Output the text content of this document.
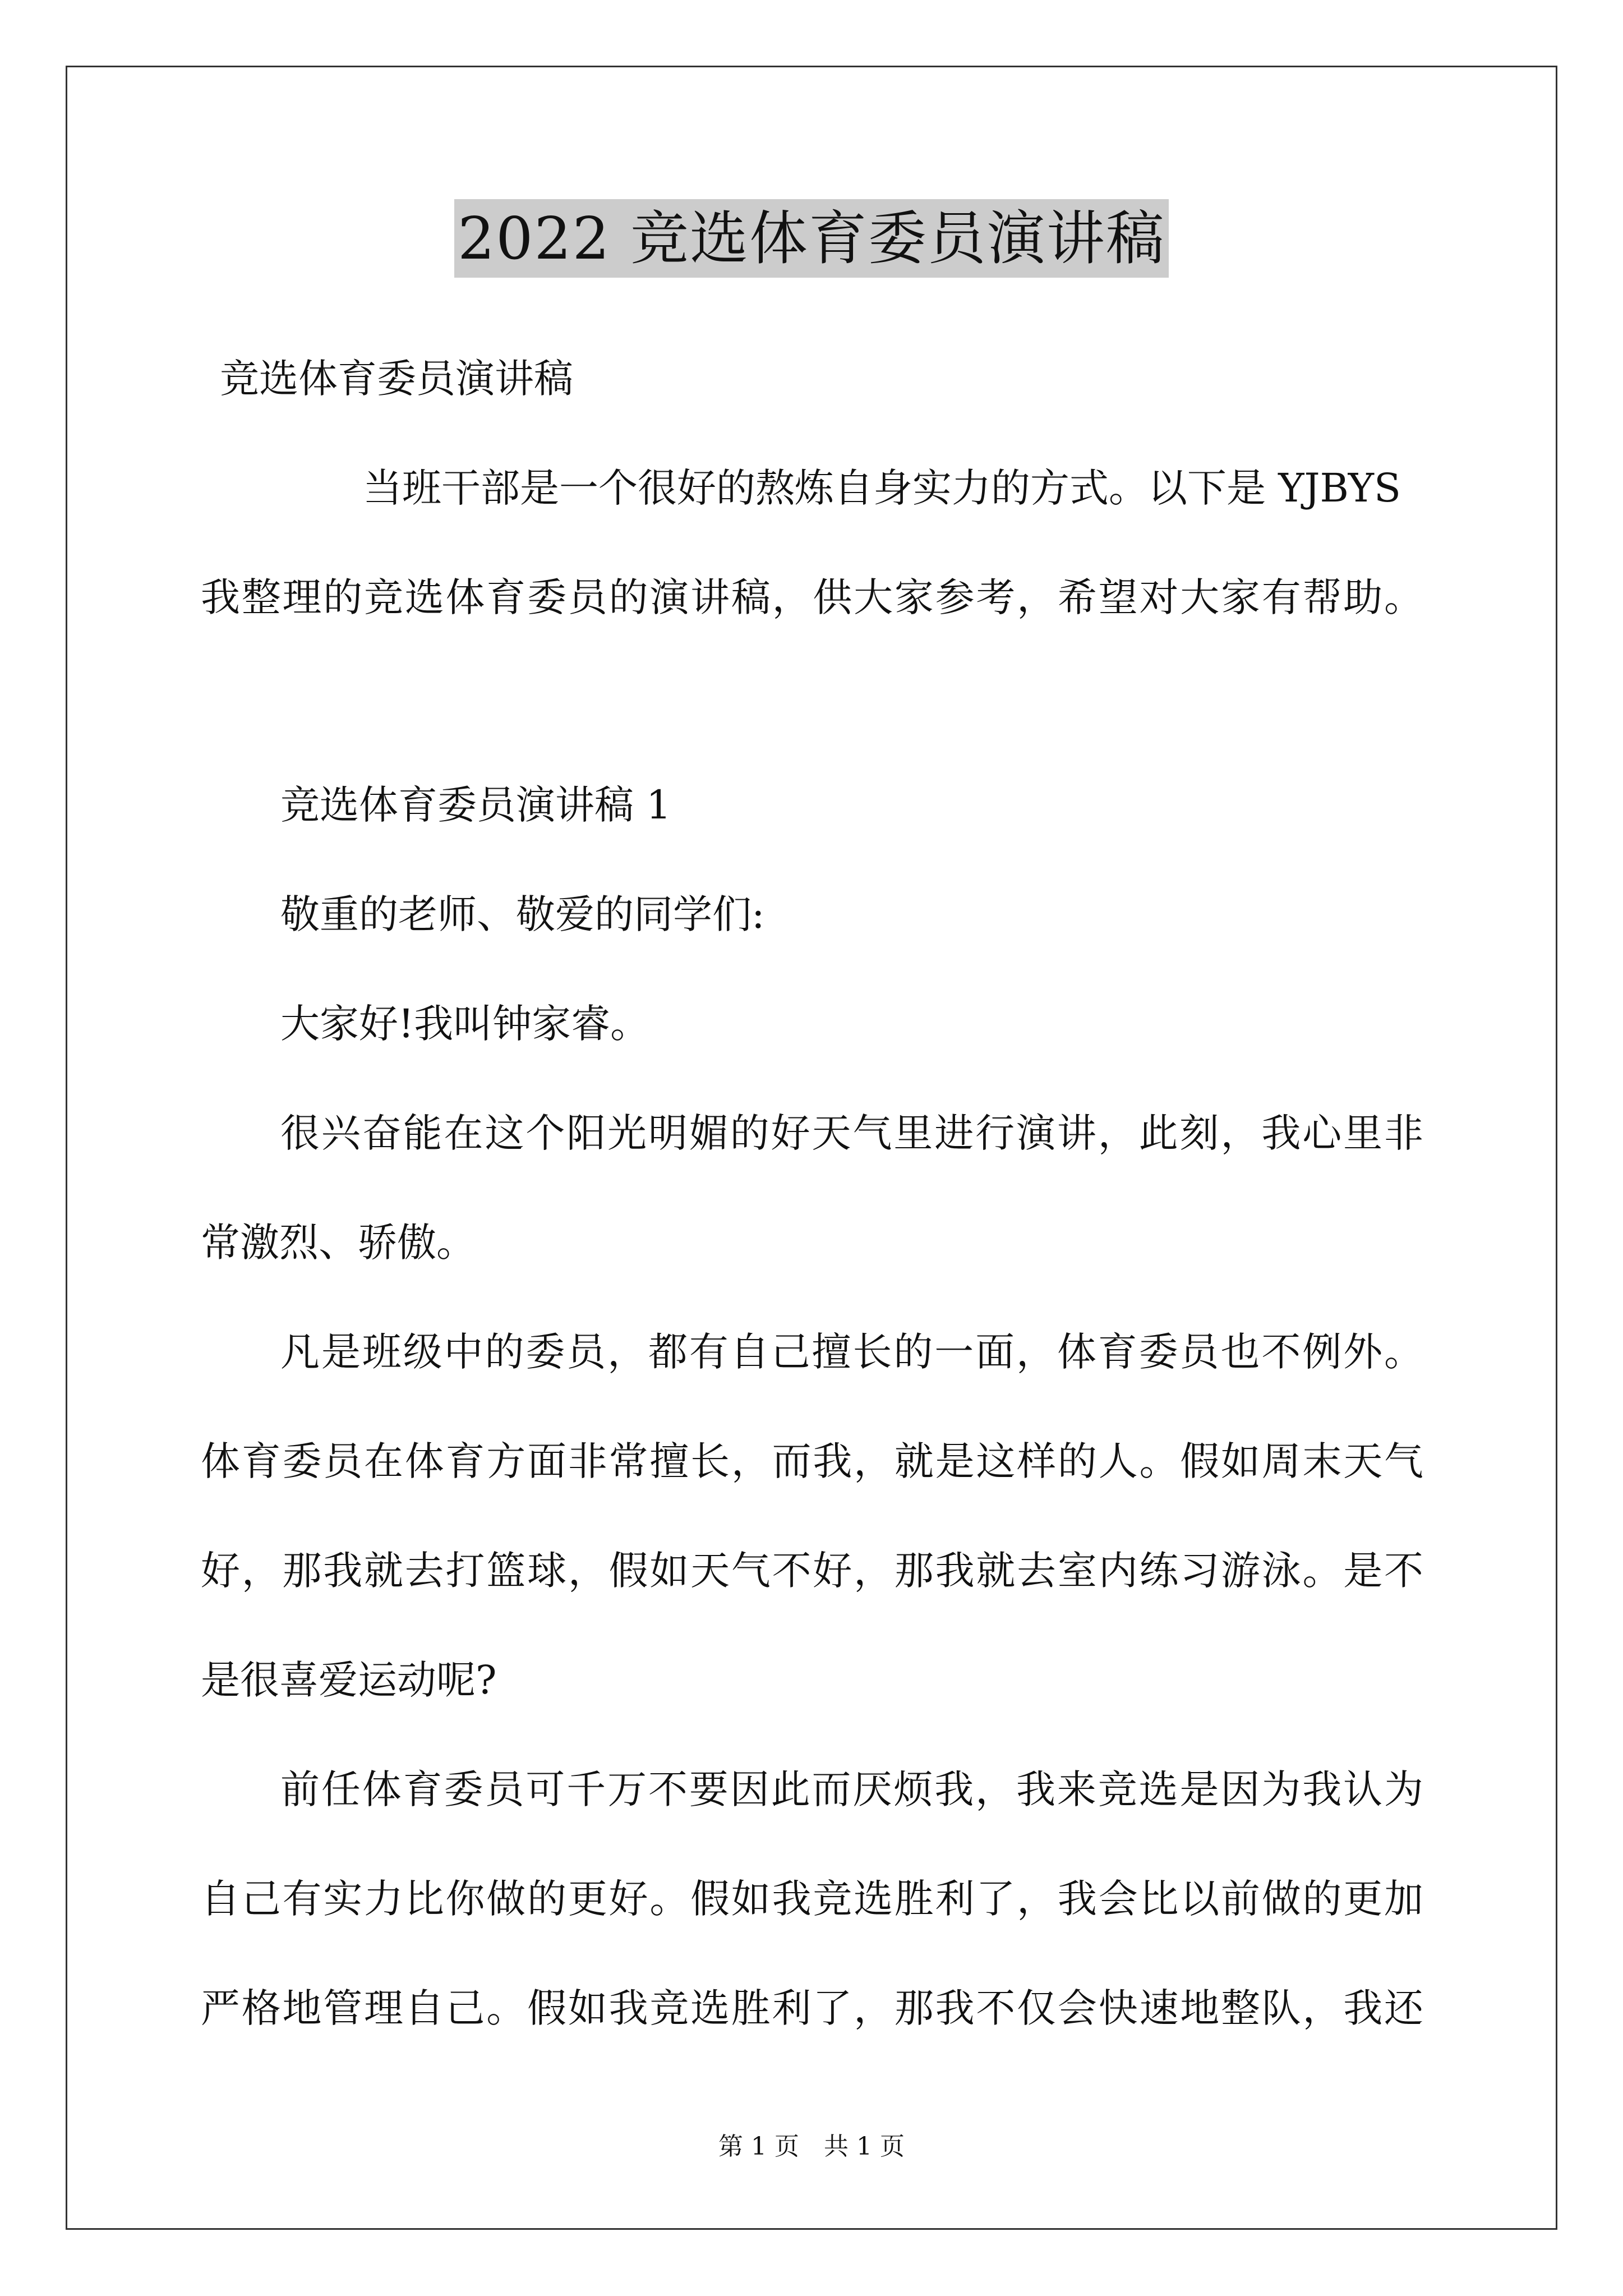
2022 竞选体育委员演讲稿
竞选体育委员演讲稿
当班干部是一个很好的熬炼自身实力的方式。以下是 YJBYS
我整理的竞选体育委员的演讲稿，供大家参考，希望对大家有帮助。
竞选体育委员演讲稿 1
敬重的老师、敬爱的同学们:
大家好!我叫钟家睿。
很兴奋能在这个阳光明媚的好天气里进行演讲，此刻，我心里非
常激烈、骄傲。
凡是班级中的委员，都有自己擅长的一面，体育委员也不例外。
体育委员在体育方面非常擅长，而我，就是这样的人。假如周末天气
好，那我就去打篮球，假如天气不好，那我就去室内练习游泳。是不
是很喜爱运动呢?
前任体育委员可千万不要因此而厌烦我，我来竞选是因为我认为
自己有实力比你做的更好。假如我竞选胜利了，我会比以前做的更加
严格地管理自己。假如我竞选胜利了，那我不仅会快速地整队，我还
第 1 页　共 1 页
